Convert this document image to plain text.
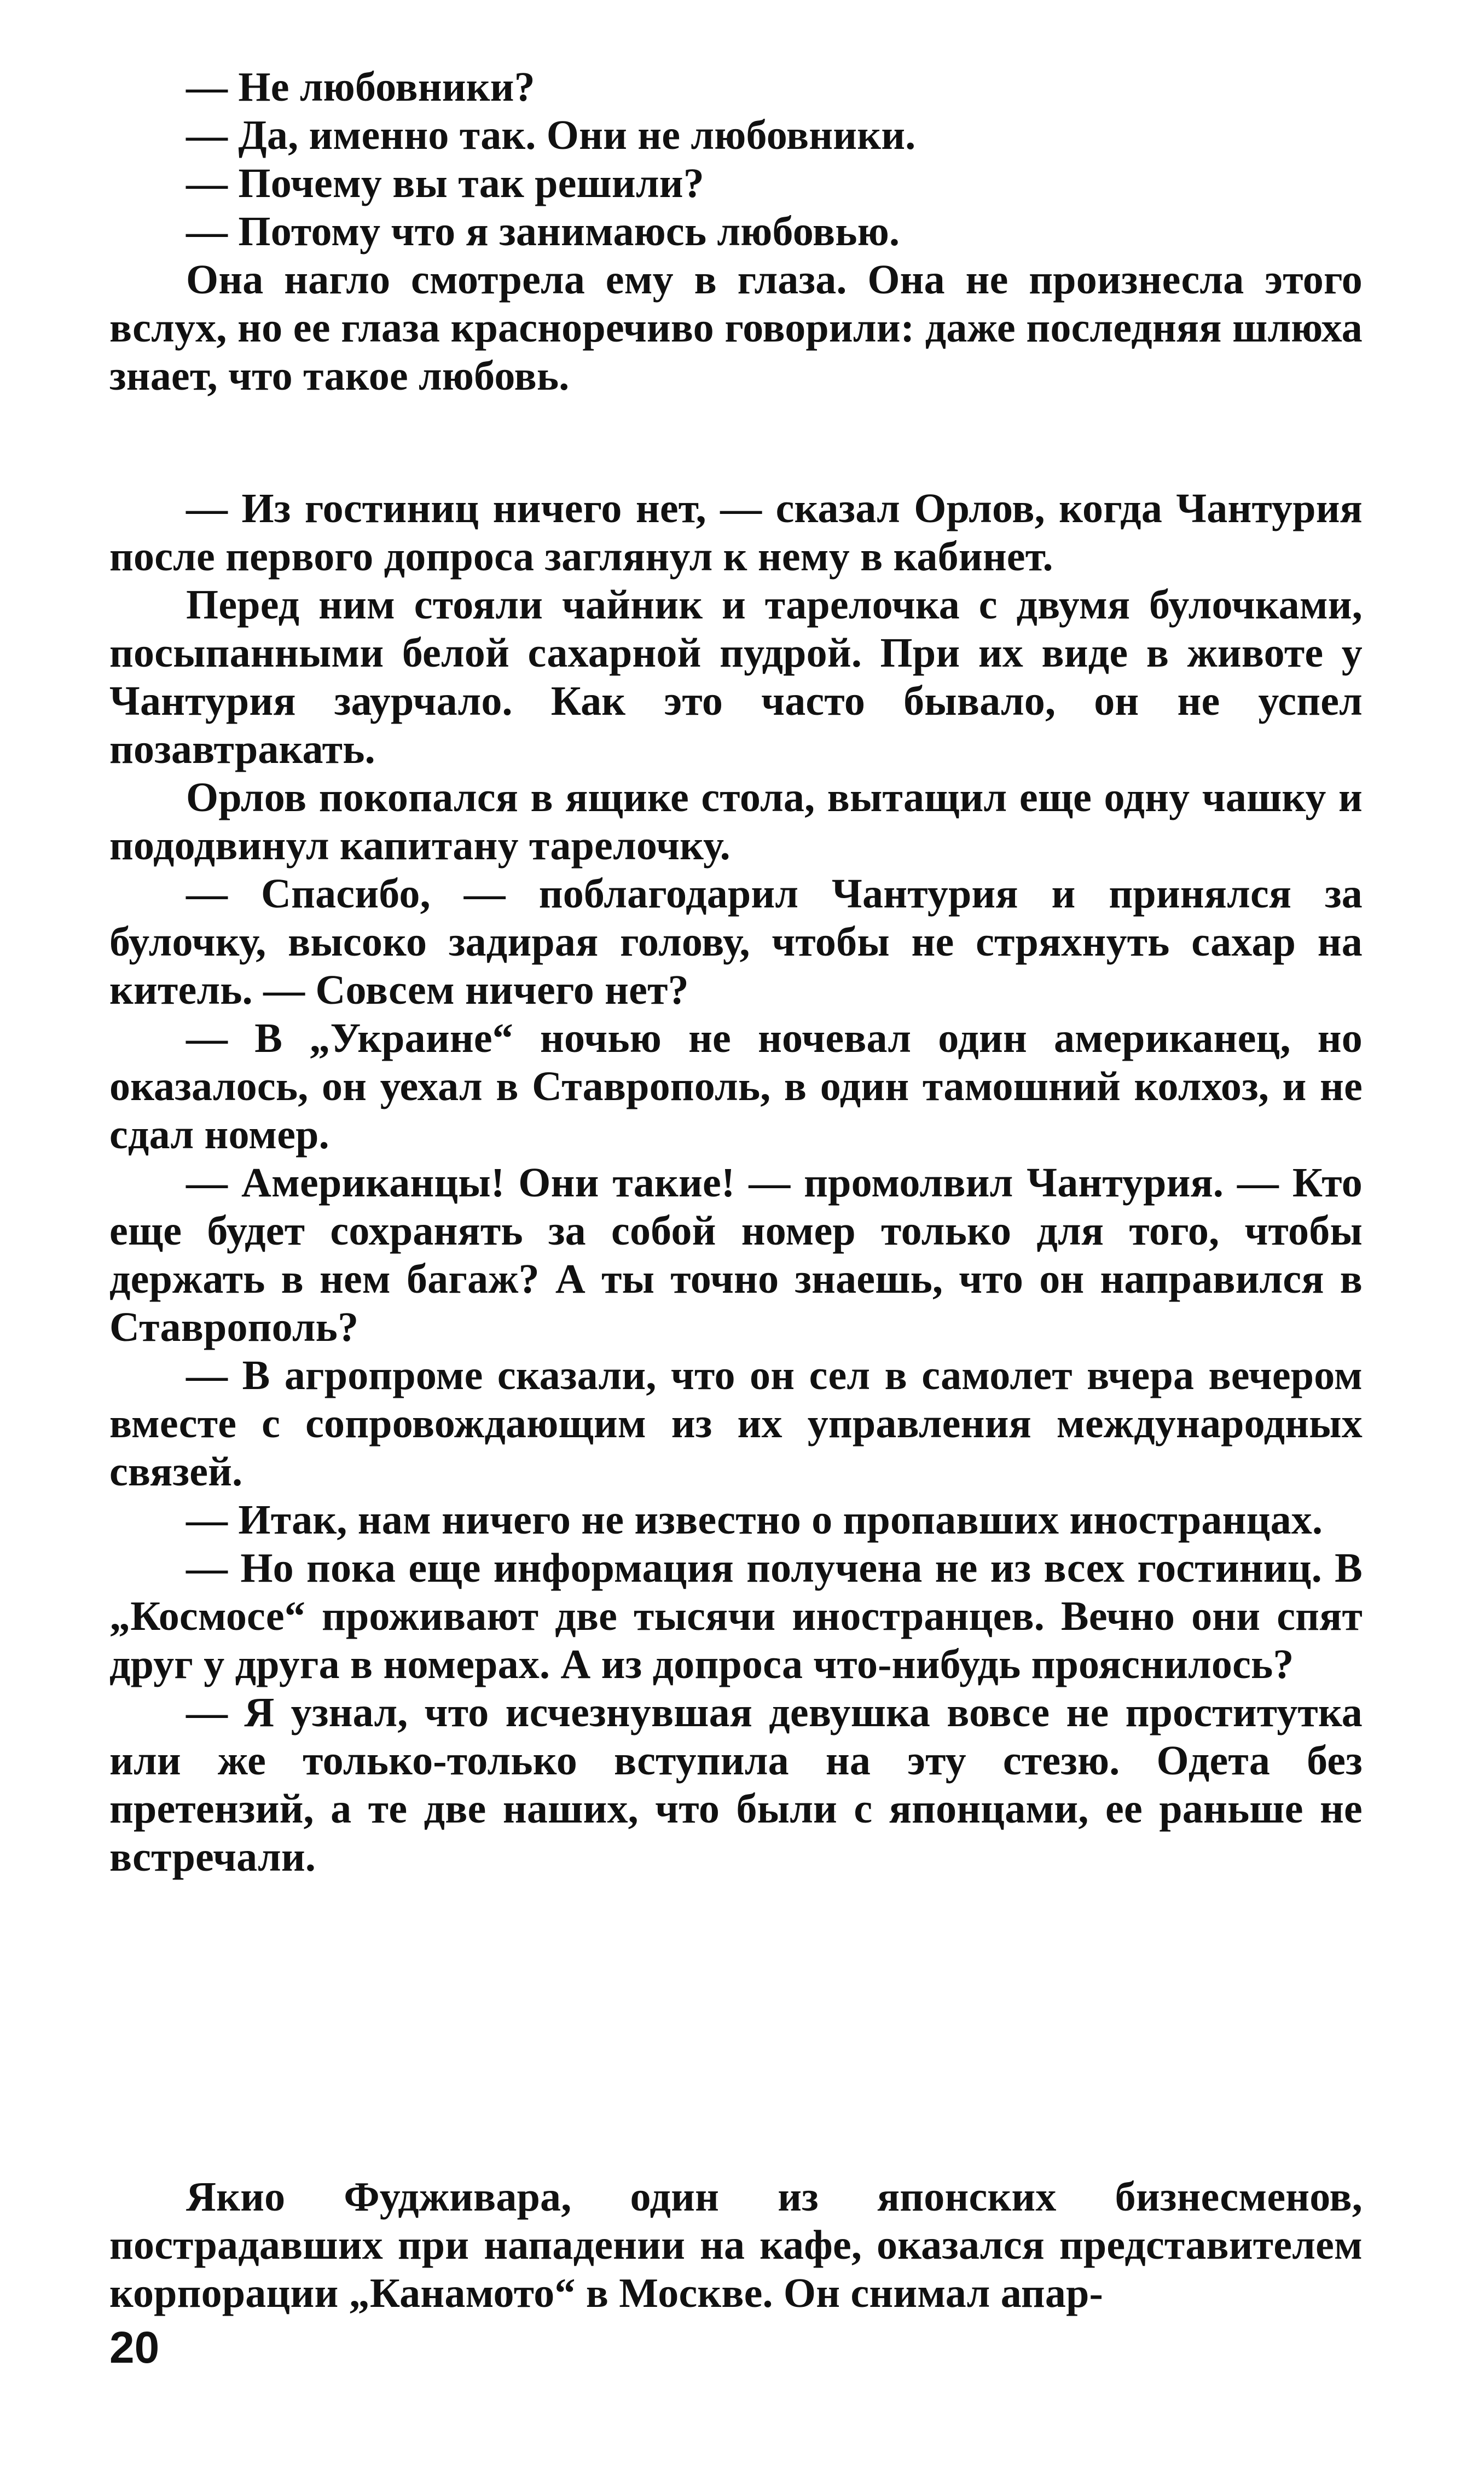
— Не любовники?

— Да, именно так. Они не любовники.

— Почему вы так решили?

— Потому что я занимаюсь любовью.

Она нагло смотрела ему в глаза. Она не произнесла этого вслух, но ее глаза красноречиво говорили: даже последняя шлюха знает, что такое любовь.

— Из гостиниц ничего нет, — сказал Орлов, когда Чантурия после первого допроса заглянул к нему в кабинет.

Перед ним стояли чайник и тарелочка с двумя булочками, посыпанными белой сахарной пудрой. При их виде в животе у Чантурия заурчало. Как это часто бывало, он не успел позавтракать.

Орлов покопался в ящике стола, вытащил еще одну чашку и пододвинул капитану тарелочку.

— Спасибо, — поблагодарил Чантурия и принялся за булочку, высоко задирая голову, чтобы не стряхнуть сахар на китель. — Совсем ничего нет?

— В „Украине“ ночью не ночевал один американец, но оказалось, он уехал в Ставрополь, в один тамошний колхоз, и не сдал номер.

— Американцы! Они такие! — промолвил Чантурия. — Кто еще будет сохранять за собой номер только для того, чтобы держать в нем багаж? А ты точно знаешь, что он направился в Ставрополь?

— В агропроме сказали, что он сел в самолет вчера вечером вместе с сопровождающим из их управления международных связей.

— Итак, нам ничего не известно о пропавших иностранцах.

— Но пока еще информация получена не из всех гостиниц. В „Космосе“ проживают две тысячи иностранцев. Вечно они спят друг у друга в номерах. А из допроса что-нибудь прояснилось?

— Я узнал, что исчезнувшая девушка вовсе не проститутка или же только-только вступила на эту стезю. Одета без претензий, а те две наших, что были с японцами, ее раньше не встречали.

Якио Фудживара, один из японских бизнесменов, пострадавших при нападении на кафе, оказался представителем корпорации „Канамото“ в Москве. Он снимал апар-

20
